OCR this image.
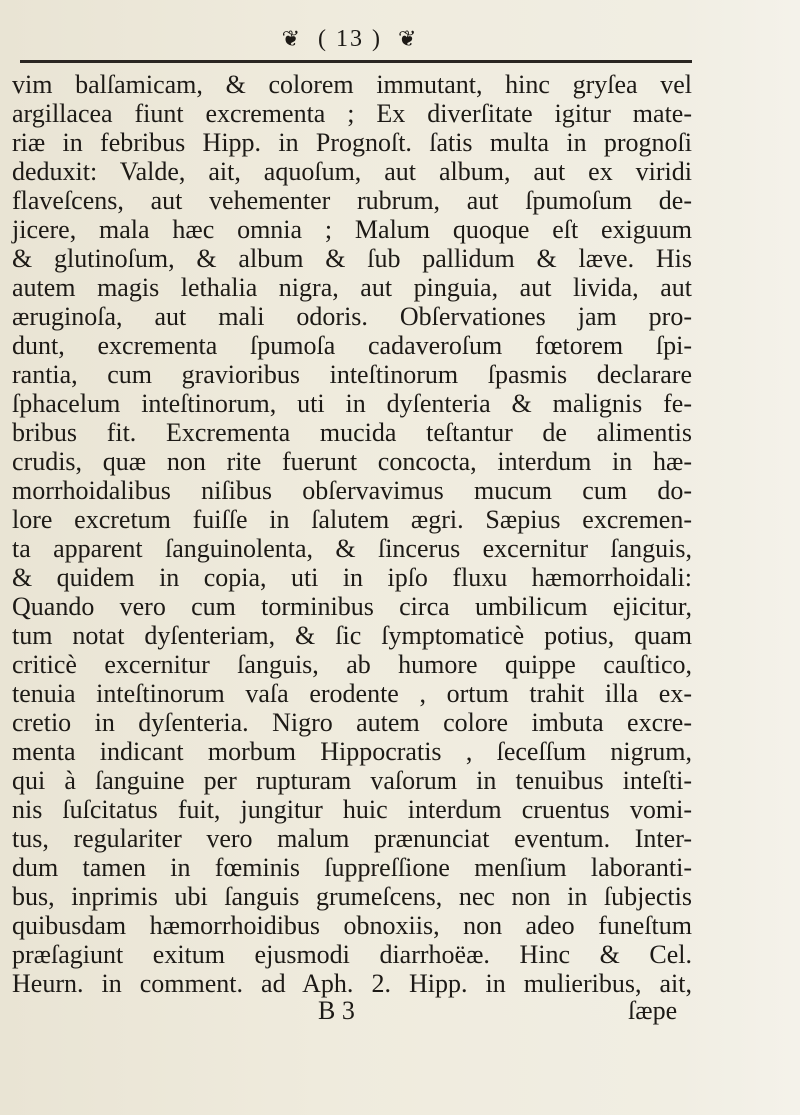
❦ ( 13 ) ❦
vim balſamicam, & colorem immutant, hinc gryſea vel
argillacea fiunt excrementa ; Ex diverſitate igitur mate-
riæ in febribus Hipp. in Prognoſt. ſatis multa in prognoſi
deduxit: Valde, ait, aquoſum, aut album, aut ex viridi
flaveſcens, aut vehementer rubrum, aut ſpumoſum de-
jicere, mala hæc omnia ; Malum quoque eſt exiguum
& glutinoſum, & album & ſub pallidum & læve. His
autem magis lethalia nigra, aut pinguia, aut livida, aut
æruginoſa, aut mali odoris. Obſervationes jam pro-
dunt, excrementa ſpumoſa cadaveroſum fœtorem ſpi-
rantia, cum gravioribus inteſtinorum ſpasmis declarare
ſphacelum inteſtinorum, uti in dyſenteria & malignis fe-
bribus fit. Excrementa mucida teſtantur de alimentis
crudis, quæ non rite fuerunt concocta, interdum in hæ-
morrhoidalibus niſibus obſervavimus mucum cum do-
lore excretum fuiſſe in ſalutem ægri. Sæpius excremen-
ta apparent ſanguinolenta, & ſincerus excernitur ſanguis,
& quidem in copia, uti in ipſo fluxu hæmorrhoidali:
Quando vero cum torminibus circa umbilicum ejicitur,
tum notat dyſenteriam, & ſic ſymptomaticè potius, quam
criticè excernitur ſanguis, ab humore quippe cauſtico,
tenuia inteſtinorum vaſa erodente , ortum trahit illa ex-
cretio in dyſenteria. Nigro autem colore imbuta excre-
menta indicant morbum Hippocratis , ſeceſſum nigrum,
qui à ſanguine per rupturam vaſorum in tenuibus inteſti-
nis ſuſcitatus fuit, jungitur huic interdum cruentus vomi-
tus, regulariter vero malum prænunciat eventum. Inter-
dum tamen in fœminis ſuppreſſione menſium laboranti-
bus, inprimis ubi ſanguis grumeſcens, nec non in ſubjectis
quibusdam hæmorrhoidibus obnoxiis, non adeo funeſtum
præſagiunt exitum ejusmodi diarrhoëæ. Hinc & Cel.
Heurn. in comment. ad Aph. 2. Hipp. in mulieribus, ait,
B 3	ſæpe
